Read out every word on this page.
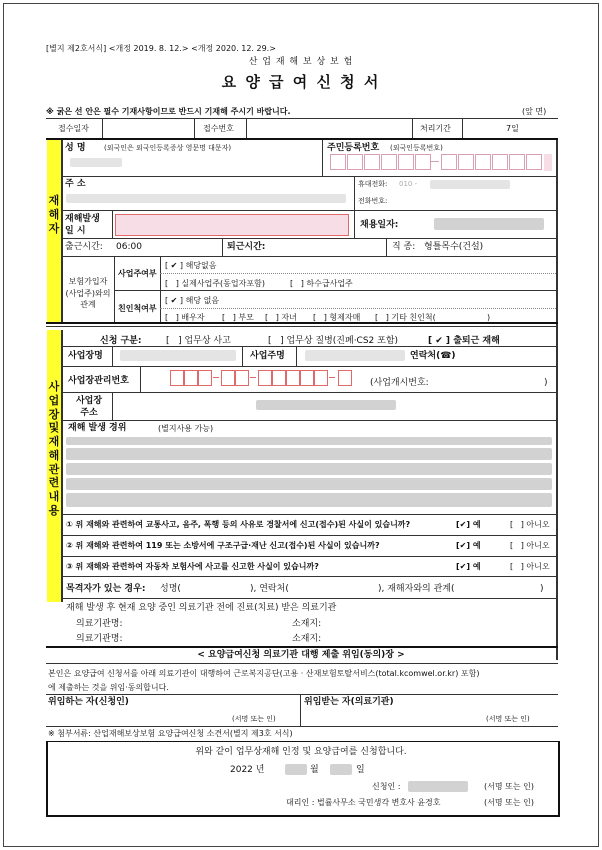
[별지 제2호서식] <개정 2019. 8. 12.> <개정 2020. 12. 29.>
산 업 재 해 보 상 보 험
요 양 급 여 신 청 서
※ 굵은 선 안은 필수 기재사항이므로 반드시 기재해 주시기 바랍니다.	(앞 면)
접수일자	접수번호	처리기간	7일
재해자
성 명	(외국인은 외국인등록증상 영문명 대문자)	주민등록번호 (외국인등록번호)
주 소	휴대전화: 010 -
전화번호:
재해발생 일 시
채용일자:
출근시간: 06:00	퇴근시간:	직 종: 형틀목수(건설)
보험가입자 (사업주)와의 관계
사업주여부
[ ✔ ] 해당없음
[   ] 실제사업주(동업자포함)	[   ] 하수급사업주
친인척여부
[ ✔ ] 해당 없음
[   ] 배우자 [   ] 부모 [   ] 자녀 [   ] 형제자매 [   ] 기타 친인척(	)
사업장 및 재해 관련 내용
신청 구분:	[   ] 업무상 사고	[   ] 업무상 질병(진폐·CS2 포함)	[ ✔ ] 출퇴근 재해
사업장명	사업주명	연락처(☎)
사업장관리번호	(사업개시번호:	)
사업장 주소
재해 발생 경위	(별지사용 가능)
① 위 재해와 관련하여 교통사고, 음주, 폭행 등의 사유로 경찰서에 신고(접수)된 사실이 있습니까?	[✔] 예	[   ] 아니오
② 위 재해와 관련하여 119 또는 소방서에 구조구급·재난 신고(접수)된 사실이 있습니까?	[✔] 예	[   ] 아니오
③ 위 재해와 관련하여 자동차 보험사에 사고를 신고한 사실이 있습니까?	[✔] 예	[   ] 아니오
목격자가 있는 경우: 성명(	), 연락처(	), 재해자와의 관계(	)
재해 발생 후 현재 요양 중인 의료기관 전에 진료(치료) 받은 의료기관
의료기관명:	소재지:
의료기관명:	소재지:
< 요양급여신청 의료기관 대행 제출 위임(동의)장 >
본인은 요양급여 신청서를 아래 의료기관이 대행하여 근로복지공단(고용 · 산재보험토탈서비스(total.kcomwel.or.kr) 포함)
에 제출하는 것을 위임·동의합니다.
위임하는 자(신청인)
(서명 또는 인)
위임받는 자(의료기관)
(서명 또는 인)
※ 첨부서류: 산업재해보상보험 요양급여신청 소견서(별지 제3호 서식)
위와 같이 업무상재해 인정 및 요양급여를 신청합니다.
2022 년	월	일
신청인 :	(서명 또는 인)
대리인 : 법률사무소 국민생각 변호사 윤경호	(서명 또는 인)
